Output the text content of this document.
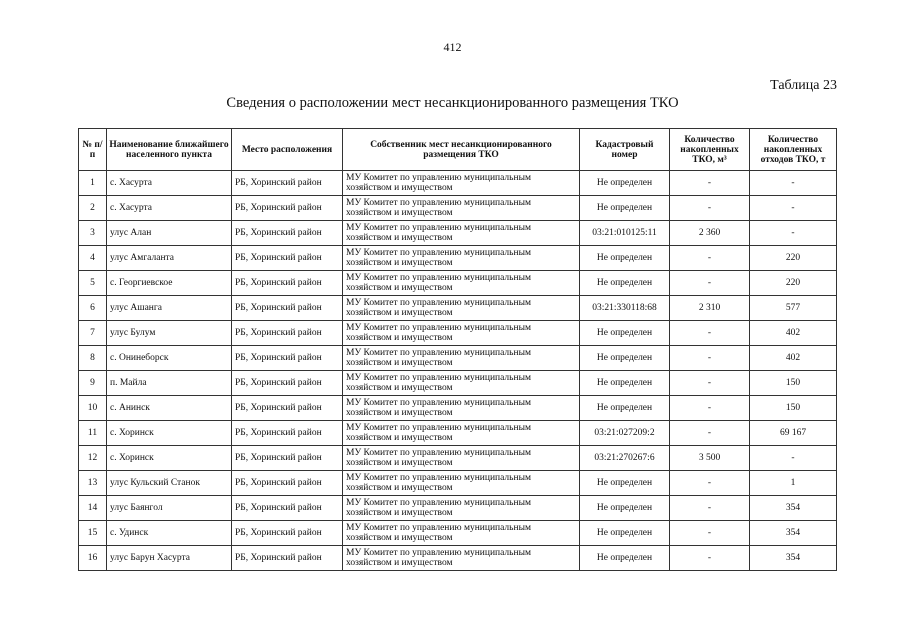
412
Таблица 23
Сведения о расположении мест несанкционированного размещения ТКО
№ п/п	Наименование ближайшего населенного пункта	Место расположения	Собственник мест несанкционированного размещения ТКО	Кадастровый номер	Количество накопленных ТКО, м³	Количество накопленных отходов ТКО, т
1	с. Хасурта	РБ, Хоринский район	МУ Комитет по управлению муниципальным хозяйством и имуществом	Не определен	-	-
2	с. Хасурта	РБ, Хоринский район	МУ Комитет по управлению муниципальным хозяйством и имуществом	Не определен	-	-
3	улус Алан	РБ, Хоринский район	МУ Комитет по управлению муниципальным хозяйством и имуществом	03:21:010125:11	2 360	-
4	улус Амгаланта	РБ, Хоринский район	МУ Комитет по управлению муниципальным хозяйством и имуществом	Не определен	-	220
5	с. Георгиевское	РБ, Хоринский район	МУ Комитет по управлению муниципальным хозяйством и имуществом	Не определен	-	220
6	улус Ашанга	РБ, Хоринский район	МУ Комитет по управлению муниципальным хозяйством и имуществом	03:21:330118:68	2 310	577
7	улус Булум	РБ, Хоринский район	МУ Комитет по управлению муниципальным хозяйством и имуществом	Не определен	-	402
8	с. Онинеборск	РБ, Хоринский район	МУ Комитет по управлению муниципальным хозяйством и имуществом	Не определен	-	402
9	п. Майла	РБ, Хоринский район	МУ Комитет по управлению муниципальным хозяйством и имуществом	Не определен	-	150
10	с. Анинск	РБ, Хоринский район	МУ Комитет по управлению муниципальным хозяйством и имуществом	Не определен	-	150
11	с. Хоринск	РБ, Хоринский район	МУ Комитет по управлению муниципальным хозяйством и имуществом	03:21:027209:2	-	69 167
12	с. Хоринск	РБ, Хоринский район	МУ Комитет по управлению муниципальным хозяйством и имуществом	03:21:270267:6	3 500	-
13	улус Кульский Станок	РБ, Хоринский район	МУ Комитет по управлению муниципальным хозяйством и имуществом	Не определен	-	1
14	улус Баянгол	РБ, Хоринский район	МУ Комитет по управлению муниципальным хозяйством и имуществом	Не определен	-	354
15	с. Удинск	РБ, Хоринский район	МУ Комитет по управлению муниципальным хозяйством и имуществом	Не определен	-	354
16	улус Барун Хасурта	РБ, Хоринский район	МУ Комитет по управлению муниципальным хозяйством и имуществом	Не определен	-	354
